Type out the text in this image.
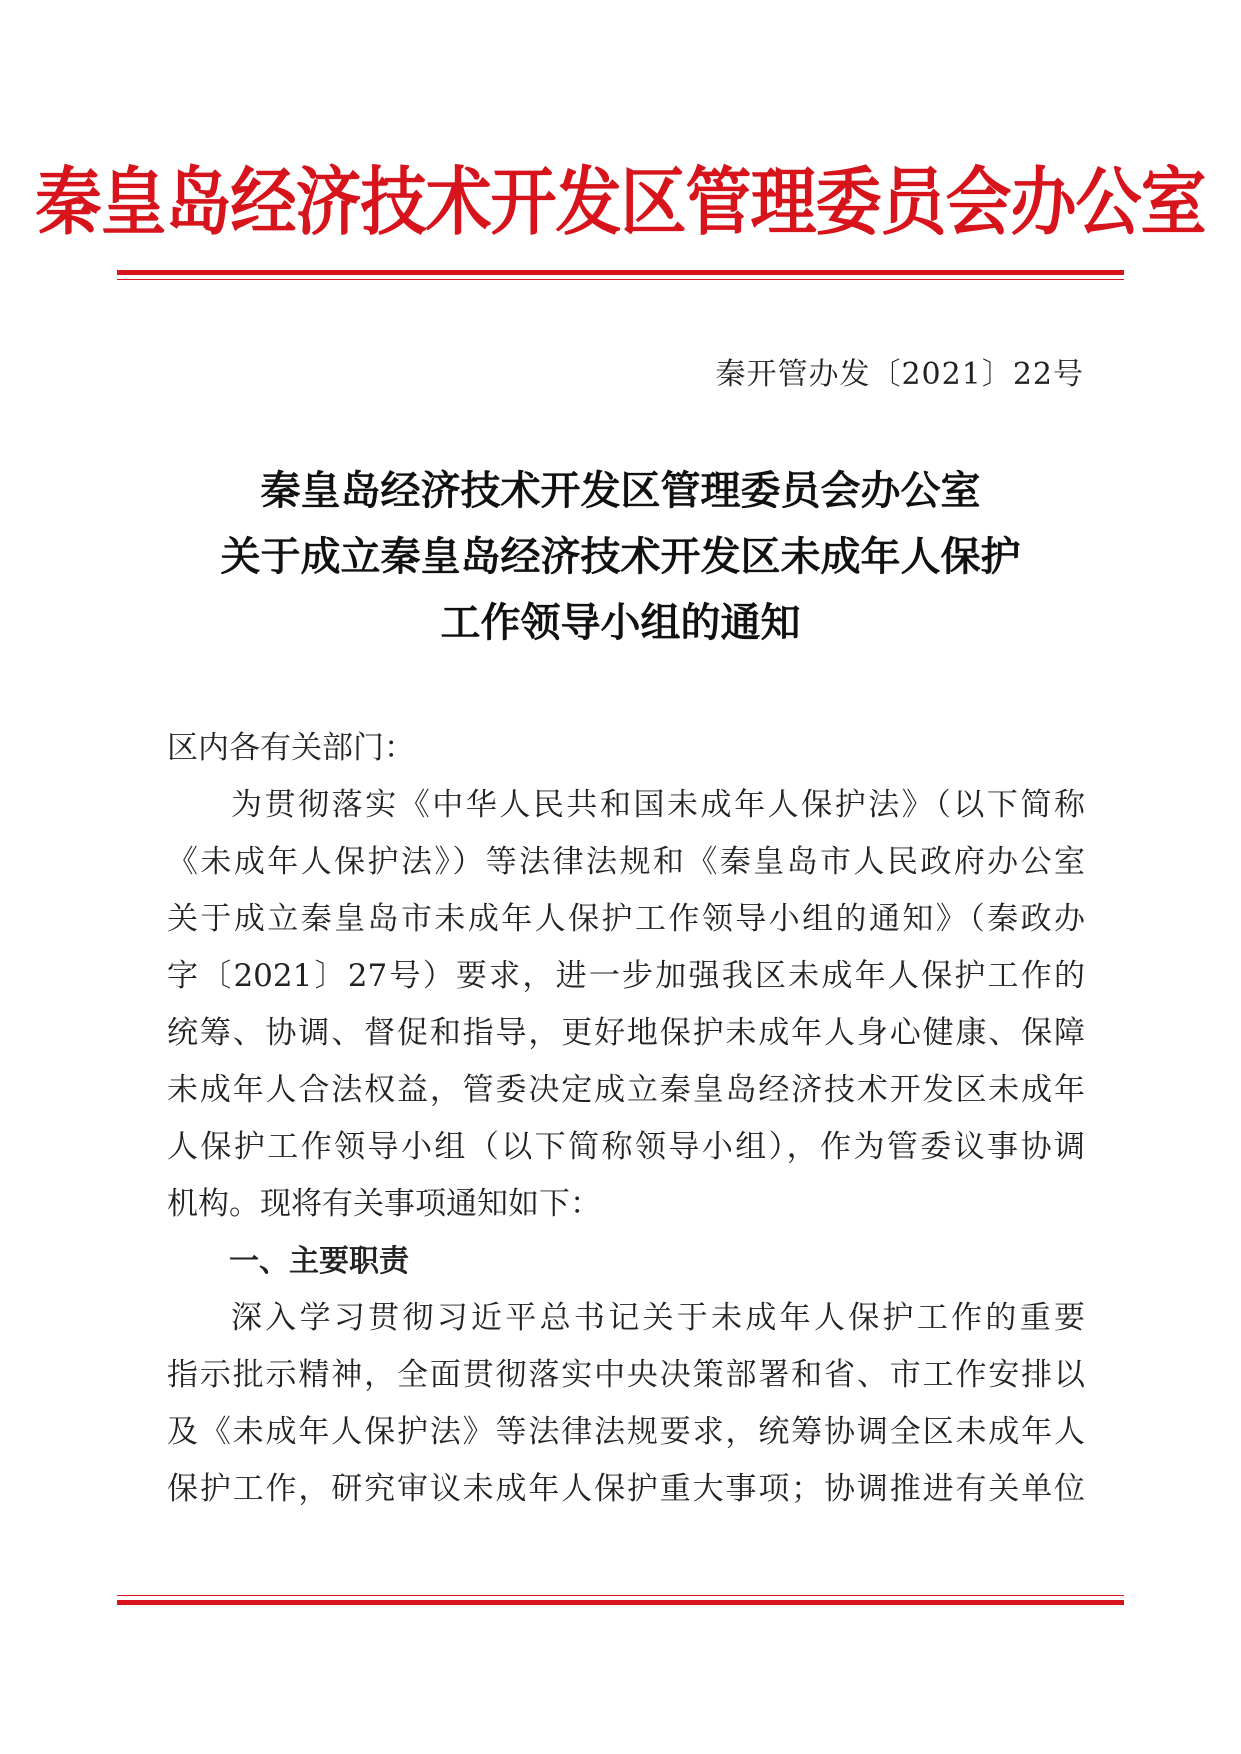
秦皇岛经济技术开发区管理委员会办公室
秦开管办发〔2021〕22号
秦皇岛经济技术开发区管理委员会办公室
关于成立秦皇岛经济技术开发区未成年人保护
工作领导小组的通知
区内各有关部门：
为贯彻落实《中华人民共和国未成年人保护法》（以下简称
《未成年人保护法》）等法律法规和《秦皇岛市人民政府办公室
关于成立秦皇岛市未成年人保护工作领导小组的通知》（秦政办
字〔2021〕27号）要求，进一步加强我区未成年人保护工作的
统筹、协调、督促和指导，更好地保护未成年人身心健康、保障
未成年人合法权益，管委决定成立秦皇岛经济技术开发区未成年
人保护工作领导小组（以下简称领导小组），作为管委议事协调
机构。现将有关事项通知如下：
一、主要职责
深入学习贯彻习近平总书记关于未成年人保护工作的重要
指示批示精神，全面贯彻落实中央决策部署和省、市工作安排以
及《未成年人保护法》等法律法规要求，统筹协调全区未成年人
保护工作，研究审议未成年人保护重大事项；协调推进有关单位
